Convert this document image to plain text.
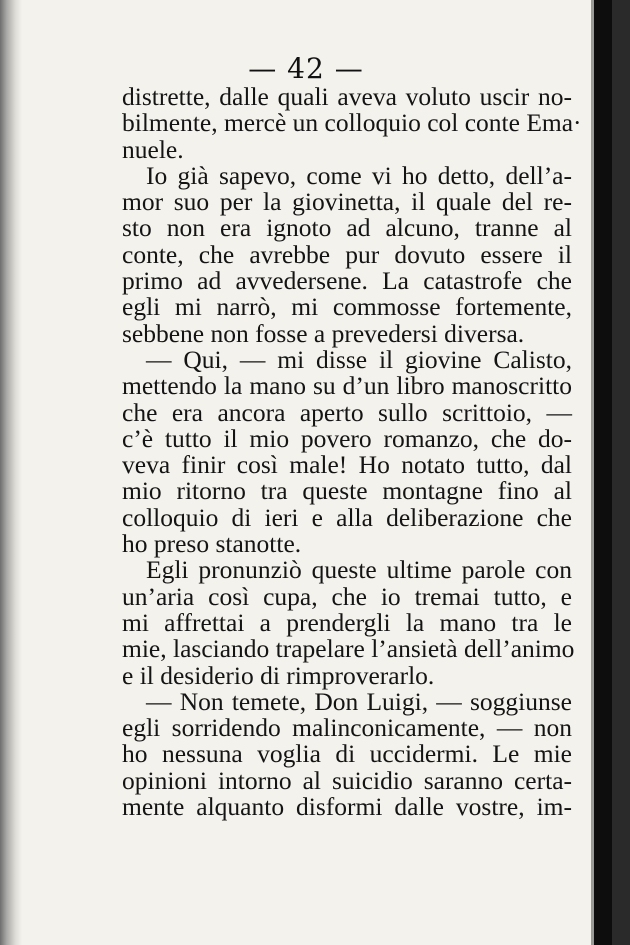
— 42 —
distrette, dalle quali aveva voluto uscir no-
bilmente, mercè un colloquio col conte Ema·
nuele.
Io già sapevo, come vi ho detto, dell’a-
mor suo per la giovinetta, il quale del re-
sto non era ignoto ad alcuno, tranne al
conte, che avrebbe pur dovuto essere il
primo ad avvedersene. La catastrofe che
egli mi narrò, mi commosse fortemente,
sebbene non fosse a prevedersi diversa.
— Qui, — mi disse il giovine Calisto,
mettendo la mano su d’un libro manoscritto
che era ancora aperto sullo scrittoio, —
c’è tutto il mio povero romanzo, che do-
veva finir così male! Ho notato tutto, dal
mio ritorno tra queste montagne fino al
colloquio di ieri e alla deliberazione che
ho preso stanotte.
Egli pronunziò queste ultime parole con
un’aria così cupa, che io tremai tutto, e
mi affrettai a prendergli la mano tra le
mie, lasciando trapelare l’ansietà dell’animo
e il desiderio di rimproverarlo.
— Non temete, Don Luigi, — soggiunse
egli sorridendo malinconicamente, — non
ho nessuna voglia di uccidermi. Le mie
opinioni intorno al suicidio saranno certa-
mente alquanto disformi dalle vostre, im-
